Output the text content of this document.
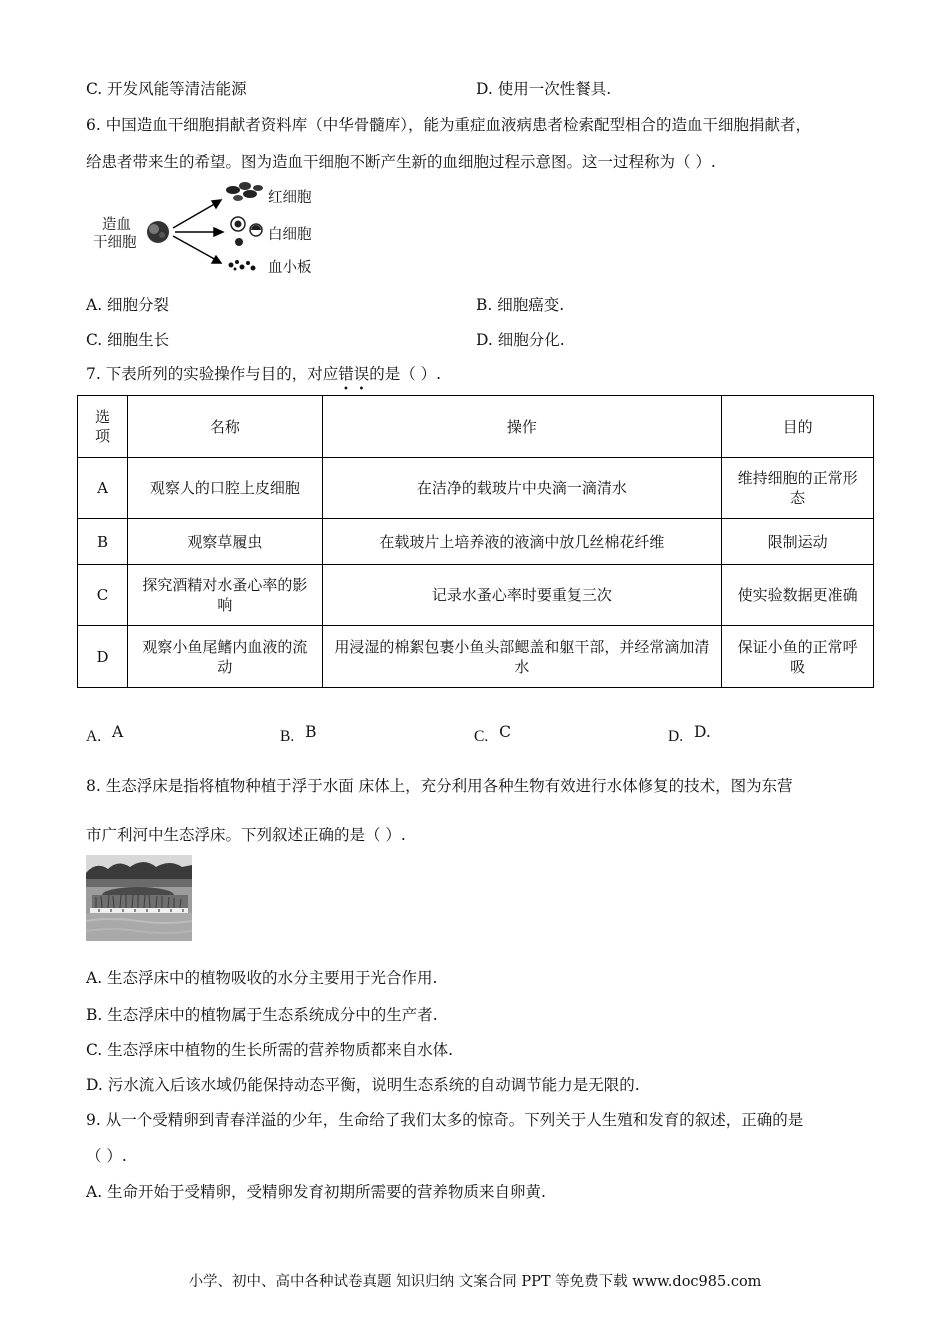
C. 开发风能等清洁能源	D. 使用一次性餐具.
6. 中国造血干细胞捐献者资料库（中华骨髓库），能为重症血液病患者检索配型相合的造血干细胞捐献者，
给患者带来生的希望。图为造血干细胞不断产生新的血细胞过程示意图。这一过程称为（ ）.
造血
干细胞
红细胞
白细胞
血小板
A. 细胞分裂	B. 细胞癌变.
C. 细胞生长	D. 细胞分化.
7. 下表所列的实验操作与目的，对应错误的是（ ）.
选项	名称	操作	目的
A	观察人的口腔上皮细胞	在洁净的载玻片中央滴一滴清水	维持细胞的正常形态
B	观察草履虫	在载玻片上培养液的液滴中放几丝棉花纤维	限制运动
C	探究酒精对水蚤心率的影响	记录水蚤心率时要重复三次	使实验数据更准确
D	观察小鱼尾鳍内血液的流动	用浸湿的棉絮包裹小鱼头部鳃盖和躯干部，并经常滴加清水	保证小鱼的正常呼吸
A. A	B. B	C. C	D. D.
8. 生态浮床是指将植物种植于浮于水面 床体上，充分利用各种生物有效进行水体修复的技术，图为东营
市广利河中生态浮床。下列叙述正确的是（ ）.
A. 生态浮床中的植物吸收的水分主要用于光合作用.
B. 生态浮床中的植物属于生态系统成分中的生产者.
C. 生态浮床中植物的生长所需的营养物质都来自水体.
D. 污水流入后该水域仍能保持动态平衡，说明生态系统的自动调节能力是无限的.
9. 从一个受精卵到青春洋溢的少年，生命给了我们太多的惊奇。下列关于人生殖和发育的叙述，正确的是
（ ）.
A. 生命开始于受精卵，受精卵发育初期所需要的营养物质来自卵黄.
小学、初中、高中各种试卷真题 知识归纳 文案合同 PPT 等免费下载 www.doc985.com
